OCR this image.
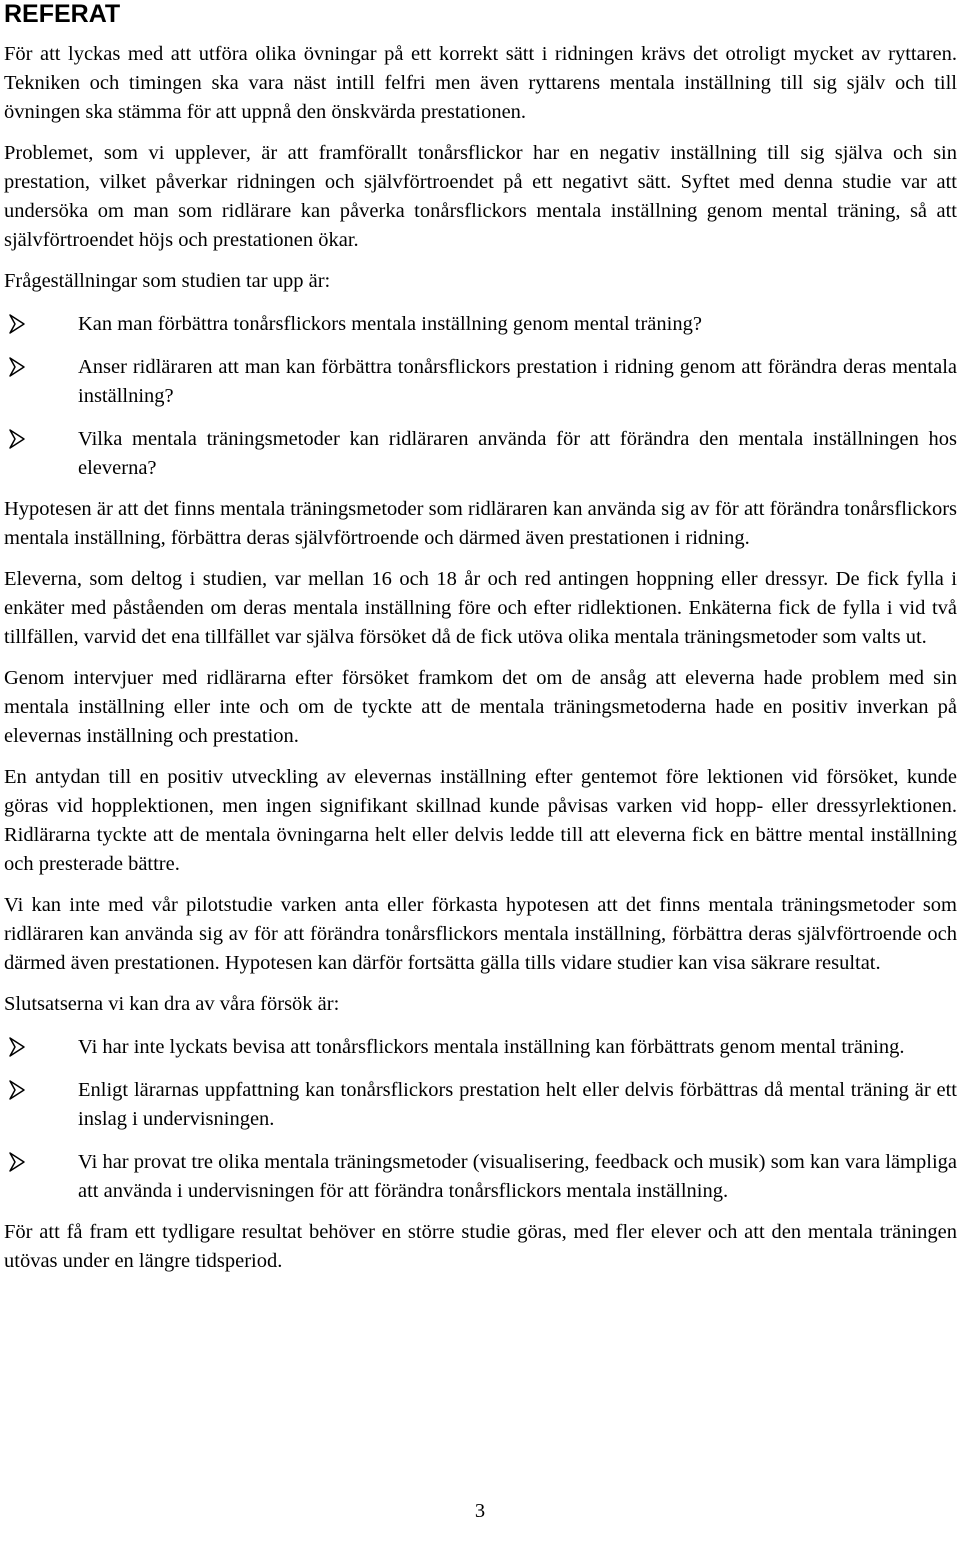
REFERAT

För att lyckas med att utföra olika övningar på ett korrekt sätt i ridningen krävs det otroligt mycket av ryttaren. Tekniken och timingen ska vara näst intill felfri men även ryttarens mentala inställning till sig själv och till övningen ska stämma för att uppnå den önskvärda prestationen.

Problemet, som vi upplever, är att framförallt tonårsflickor har en negativ inställning till sig själva och sin prestation, vilket påverkar ridningen och självförtroendet på ett negativt sätt. Syftet med denna studie var att undersöka om man som ridlärare kan påverka tonårsflickors mentala inställning genom mental träning, så att självförtroendet höjs och prestationen ökar.

Frågeställningar som studien tar upp är:

Kan man förbättra tonårsflickors mentala inställning genom mental träning?
Anser ridläraren att man kan förbättra tonårsflickors prestation i ridning genom att förändra deras mentala inställning?
Vilka mentala träningsmetoder kan ridläraren använda för att förändra den mentala inställningen hos eleverna?

Hypotesen är att det finns mentala träningsmetoder som ridläraren kan använda sig av för att förändra tonårsflickors mentala inställning, förbättra deras självförtroende och därmed även prestationen i ridning.

Eleverna, som deltog i studien, var mellan 16 och 18 år och red antingen hoppning eller dressyr. De fick fylla i enkäter med påståenden om deras mentala inställning före och efter ridlektionen. Enkäterna fick de fylla i vid två tillfällen, varvid det ena tillfället var själva försöket då de fick utöva olika mentala träningsmetoder som valts ut.

Genom intervjuer med ridlärarna efter försöket framkom det om de ansåg att eleverna hade problem med sin mentala inställning eller inte och om de tyckte att de mentala träningsmetoderna hade en positiv inverkan på elevernas inställning och prestation.

En antydan till en positiv utveckling av elevernas inställning efter gentemot före lektionen vid försöket, kunde göras vid hopplektionen, men ingen signifikant skillnad kunde påvisas varken vid hopp- eller dressyrlektionen. Ridlärarna tyckte att de mentala övningarna helt eller delvis ledde till att eleverna fick en bättre mental inställning och presterade bättre.

Vi kan inte med vår pilotstudie varken anta eller förkasta hypotesen att det finns mentala träningsmetoder som ridläraren kan använda sig av för att förändra tonårsflickors mentala inställning, förbättra deras självförtroende och därmed även prestationen. Hypotesen kan därför fortsätta gälla tills vidare studier kan visa säkrare resultat.

Slutsatserna vi kan dra av våra försök är:

Vi har inte lyckats bevisa att tonårsflickors mentala inställning kan förbättrats genom mental träning.
Enligt lärarnas uppfattning kan tonårsflickors prestation helt eller delvis förbättras då mental träning är ett inslag i undervisningen.
Vi har provat tre olika mentala träningsmetoder (visualisering, feedback och musik) som kan vara lämpliga att använda i undervisningen för att förändra tonårsflickors mentala inställning.

För att få fram ett tydligare resultat behöver en större studie göras, med fler elever och att den mentala träningen utövas under en längre tidsperiod.

3
